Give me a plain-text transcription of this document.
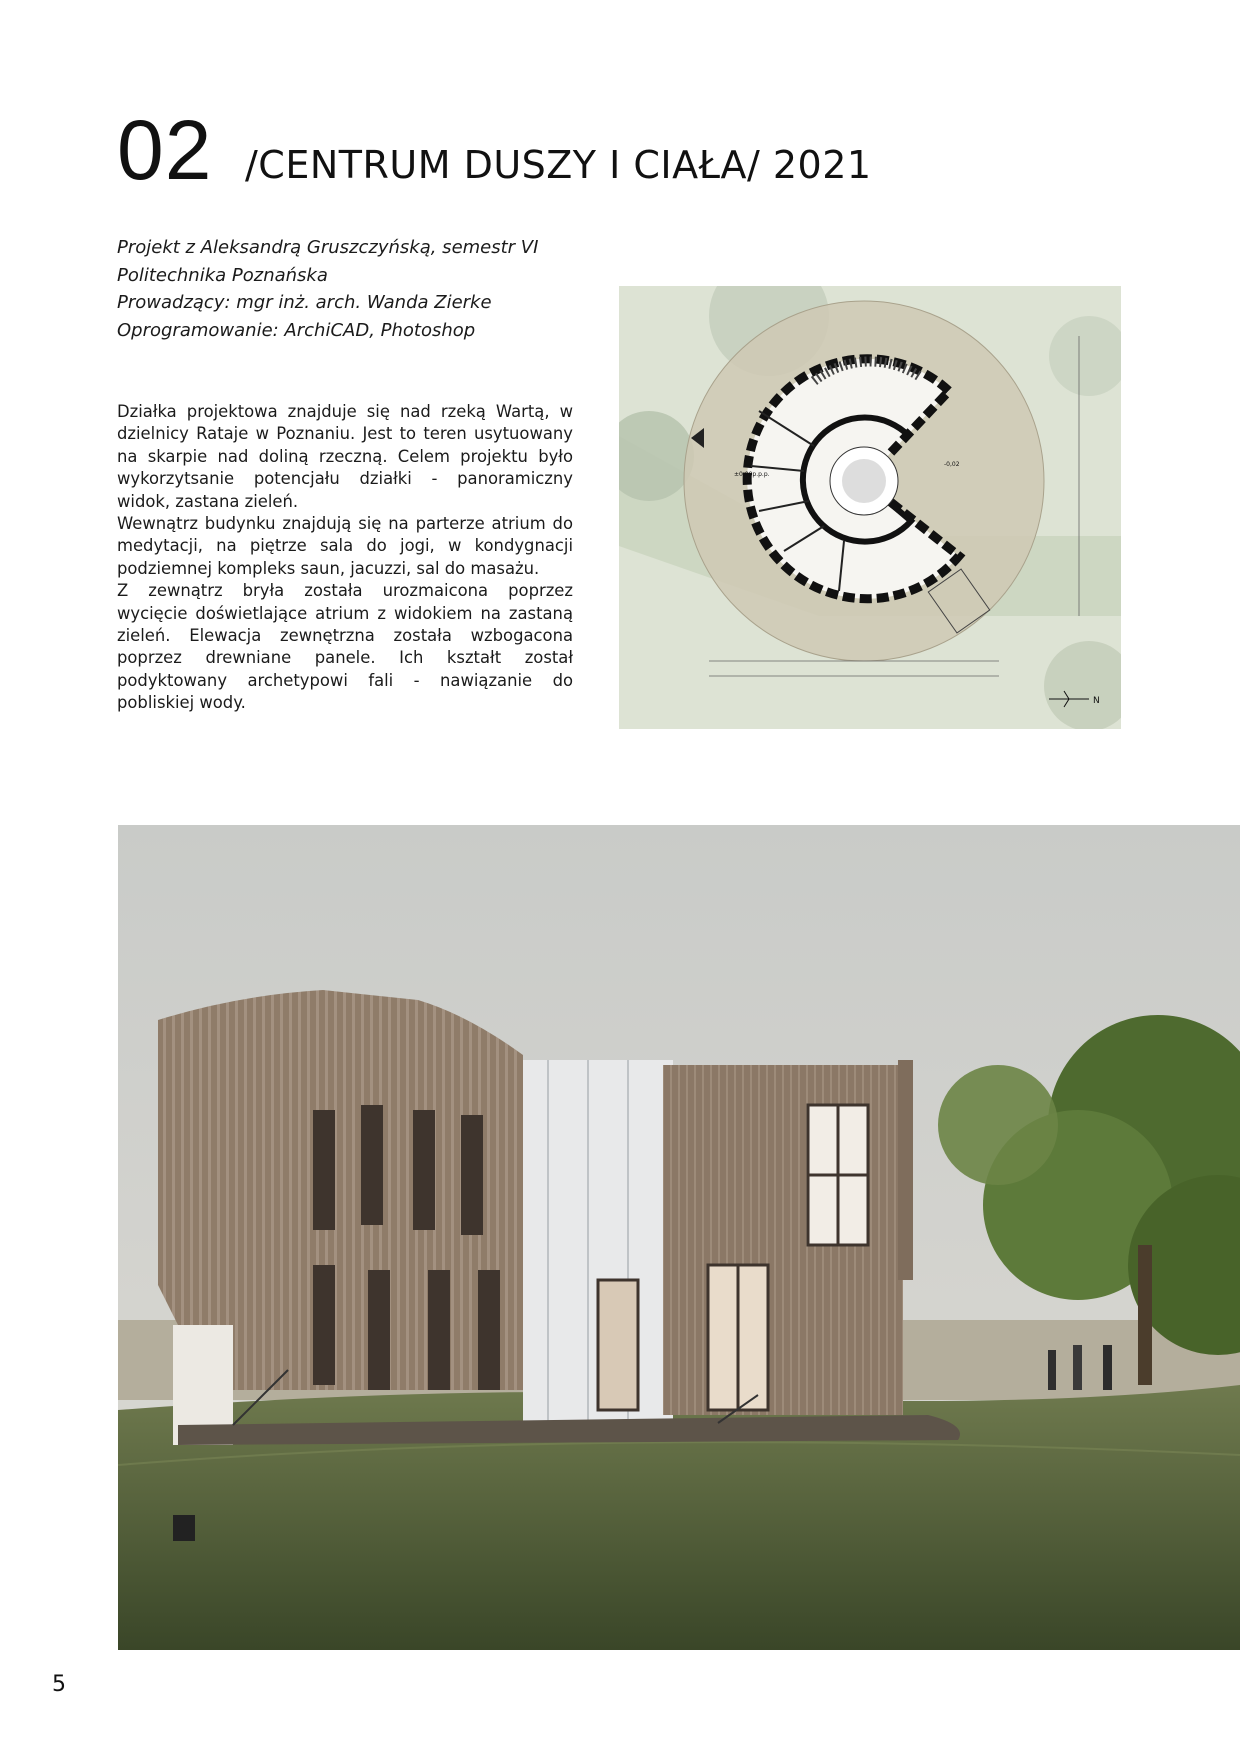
02 /CENTRUM DUSZY I CIAŁA/ 2021
Projekt z Aleksandrą Gruszczyńską, semestr VI
Politechnika Poznańska
Prowadzący: mgr inż. arch. Wanda Zierke
Oprogramowanie: ArchiCAD, Photoshop

Działka projektowa znajduje się nad rzeką Wartą, w dzielnicy Rataje w Poznaniu. Jest to teren usytuowany na skarpie nad doliną rzeczną. Celem projektu było wykorzytsanie potencjału działki - panoramiczny widok, zastana zieleń.

Wewnątrz budynku znajdują się na parterze atrium do medytacji, na piętrze sala do jogi, w kondygnacji podziemnej kompleks saun, jacuzzi, sal do masażu.

Z zewnątrz bryła została urozmaicona poprzez wycięcie doświetlające atrium z widokiem na zastaną zieleń. Elewacja zewnętrzna została wzbogacona poprzez drewniane panele. Ich kształt został podyktowany archetypowi fali - nawiązanie do pobliskiej wody.

±0,00p.p.p.
-0,02
N
5
